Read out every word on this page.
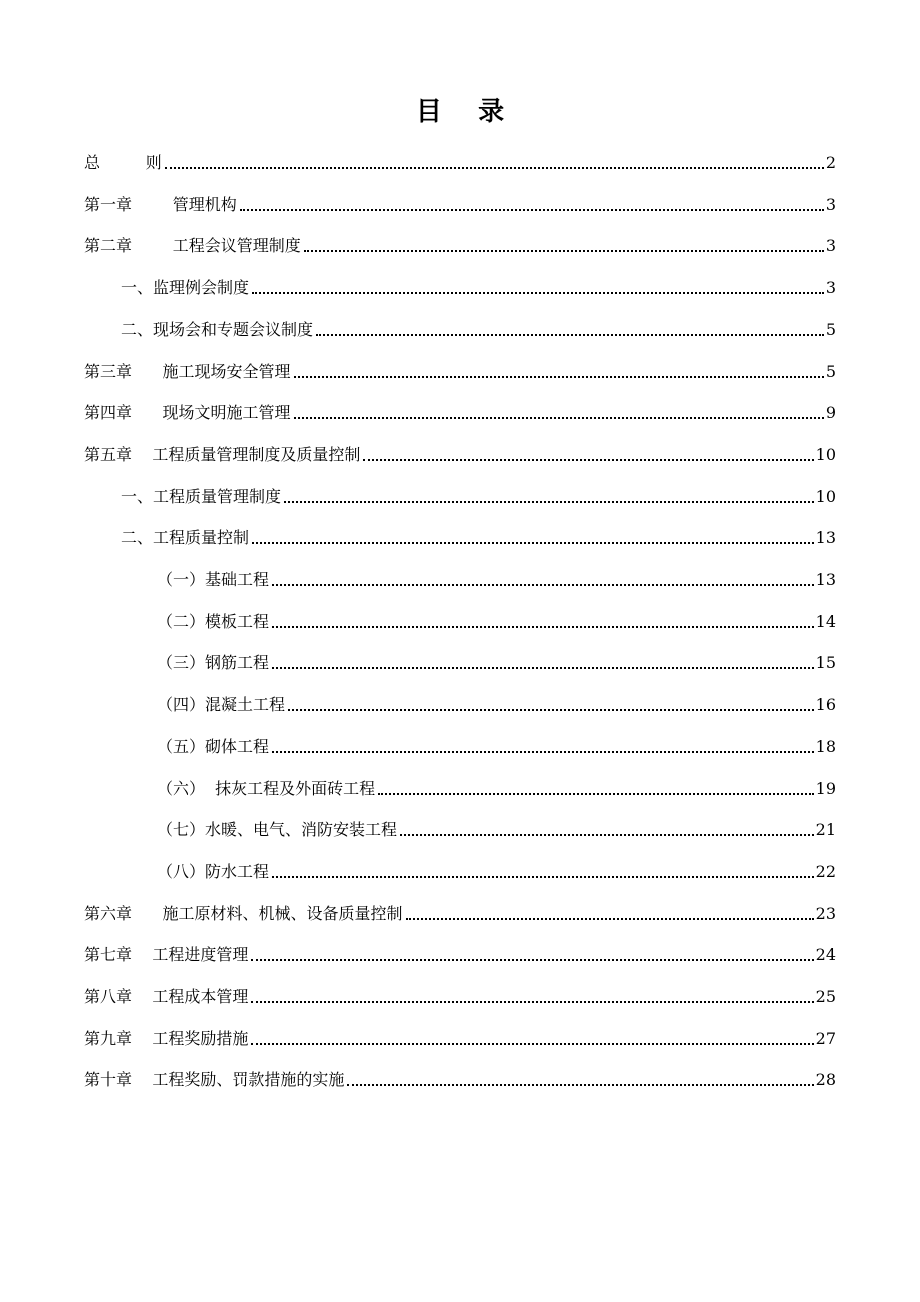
目    录
总         则	2
第一章        管理机构	3
第二章        工程会议管理制度	3
一、监理例会制度	3
二、现场会和专题会议制度	5
第三章      施工现场安全管理	5
第四章      现场文明施工管理	9
第五章    工程质量管理制度及质量控制	10
一、工程质量管理制度	10
二、工程质量控制	13
（一）基础工程	13
（二）模板工程	14
（三）钢筋工程	15
（四）混凝土工程	16
（五）砌体工程	18
（六）  抹灰工程及外面砖工程	19
（七）水暖、电气、消防安装工程	21
（八）防水工程	22
第六章      施工原材料、机械、设备质量控制	23
第七章    工程进度管理	24
第八章    工程成本管理	25
第九章    工程奖励措施	27
第十章    工程奖励、罚款措施的实施	28
